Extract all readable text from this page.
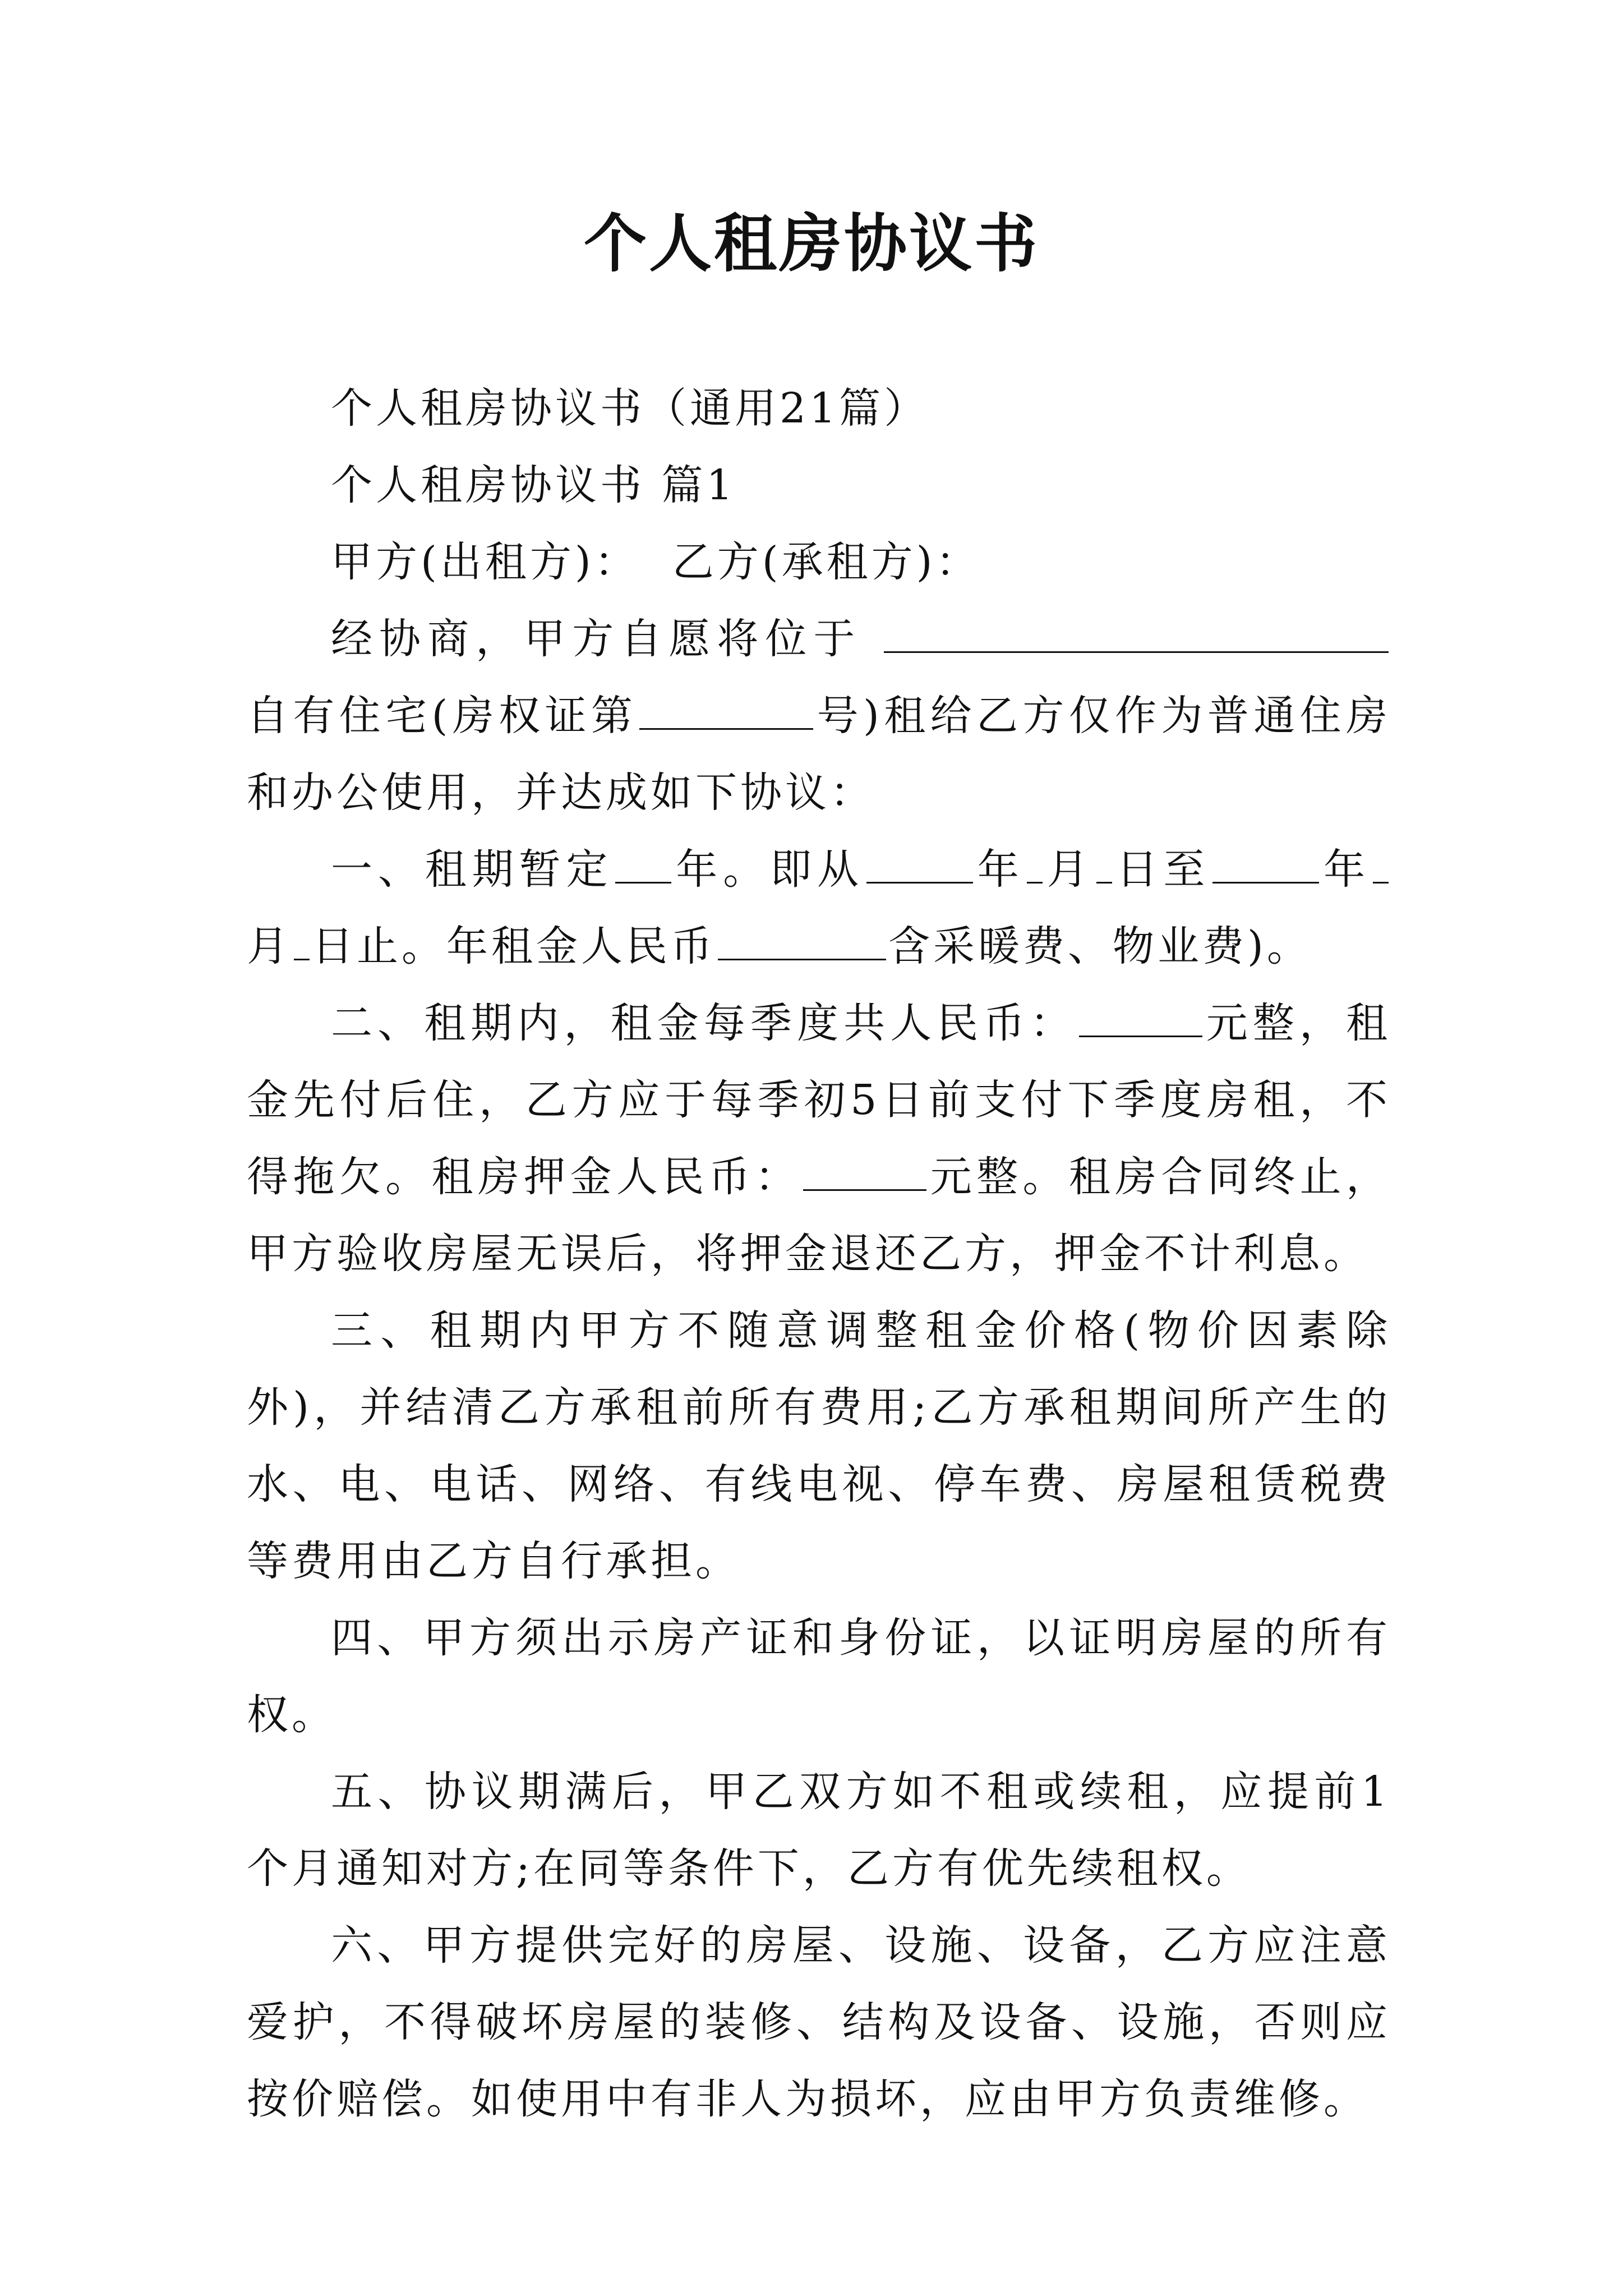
个人租房协议书

个人租房协议书（通用21篇）

个人租房协议书 篇1

甲方(出租方)：  乙方(承租方)：

经协商，甲方自愿将位于 自有住宅(房权证第	号)租给乙方仅作为普通住房和办公使用，并达成如下协议：

一、租期暂定 年。即从	年 月 日至	年月 日止。年租金人民币	含采暖费、物业费)。

二、租期内，租金每季度共人民币：	元整，租金先付后住，乙方应于每季初5日前支付下季度房租，不得拖欠。租房押金人民币：	元整。租房合同终止，甲方验收房屋无误后，将押金退还乙方，押金不计利息。

三、租期内甲方不随意调整租金价格(物价因素除外)，并结清乙方承租前所有费用;乙方承租期间所产生的水、电、电话、网络、有线电视、停车费、房屋租赁税费等费用由乙方自行承担。

四、甲方须出示房产证和身份证，以证明房屋的所有权。

五、协议期满后，甲乙双方如不租或续租，应提前1个月通知对方;在同等条件下，乙方有优先续租权。

六、甲方提供完好的房屋、设施、设备，乙方应注意爱护，不得破坏房屋的装修、结构及设备、设施，否则应按价赔偿。如使用中有非人为损坏，应由甲方负责维修。
